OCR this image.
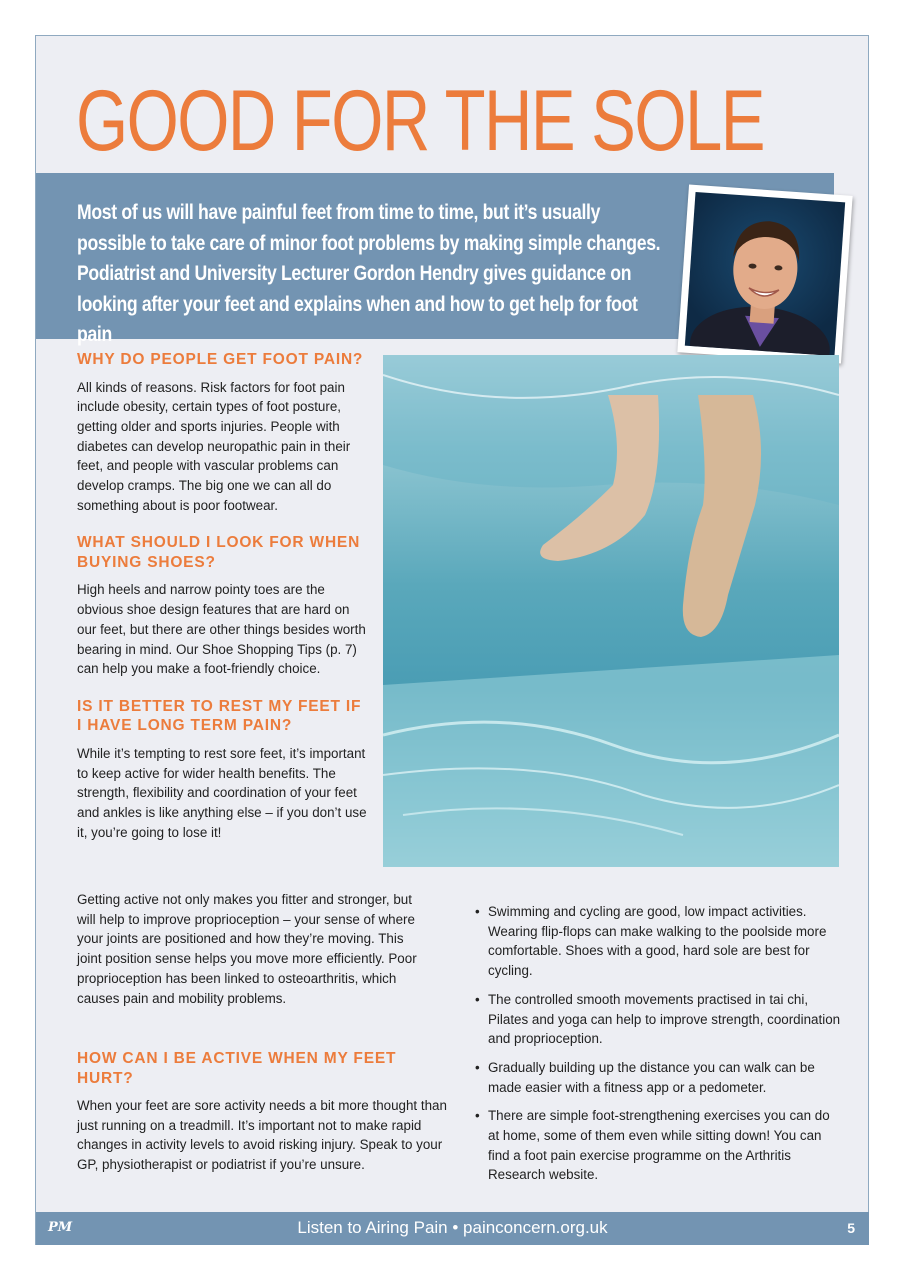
GOOD FOR THE SOLE

Most of us will have painful feet from time to time, but it’s usually possible to take care of minor foot problems by making simple changes. Podiatrist and University Lecturer Gordon Hendry gives guidance on looking after your feet and explains when and how to get help for foot pain

WHY DO PEOPLE GET FOOT PAIN?

All kinds of reasons. Risk factors for foot pain include obesity, certain types of foot posture, getting older and sports injuries. People with diabetes can develop neuropathic pain in their feet, and people with vascular problems can develop cramps. The big one we can all do something about is poor footwear.

WHAT SHOULD I LOOK FOR WHEN BUYING SHOES?

High heels and narrow pointy toes are the obvious shoe design features that are hard on our feet, but there are other things besides worth bearing in mind. Our Shoe Shopping Tips (p. 7) can help you make a foot-friendly choice.

IS IT BETTER TO REST MY FEET IF I HAVE LONG TERM PAIN?

While it’s tempting to rest sore feet, it’s important to keep active for wider health benefits. The strength, flexibility and coordination of your feet and ankles is like anything else – if you don’t use it, you’re going to lose it!

Getting active not only makes you fitter and stronger, but will help to improve proprioception – your sense of where your joints are positioned and how they’re moving. This joint position sense helps you move more efficiently. Poor proprioception has been linked to osteoarthritis, which causes pain and mobility problems.

HOW CAN I BE ACTIVE WHEN MY FEET HURT?

When your feet are sore activity needs a bit more thought than just running on a treadmill. It’s important not to make rapid changes in activity levels to avoid risking injury. Speak to your GP, physiotherapist or podiatrist if you’re unsure.

• Swimming and cycling are good, low impact activities. Wearing flip-flops can make walking to the poolside more comfortable. Shoes with a good, hard sole are best for cycling.
• The controlled smooth movements practised in tai chi, Pilates and yoga can help to improve strength, coordination and proprioception.
• Gradually building up the distance you can walk can be made easier with a fitness app or a pedometer.
• There are simple foot-strengthening exercises you can do at home, some of them even while sitting down! You can find a foot pain exercise programme on the Arthritis Research website.
PM	Listen to Airing Pain • painconcern.org.uk	5
